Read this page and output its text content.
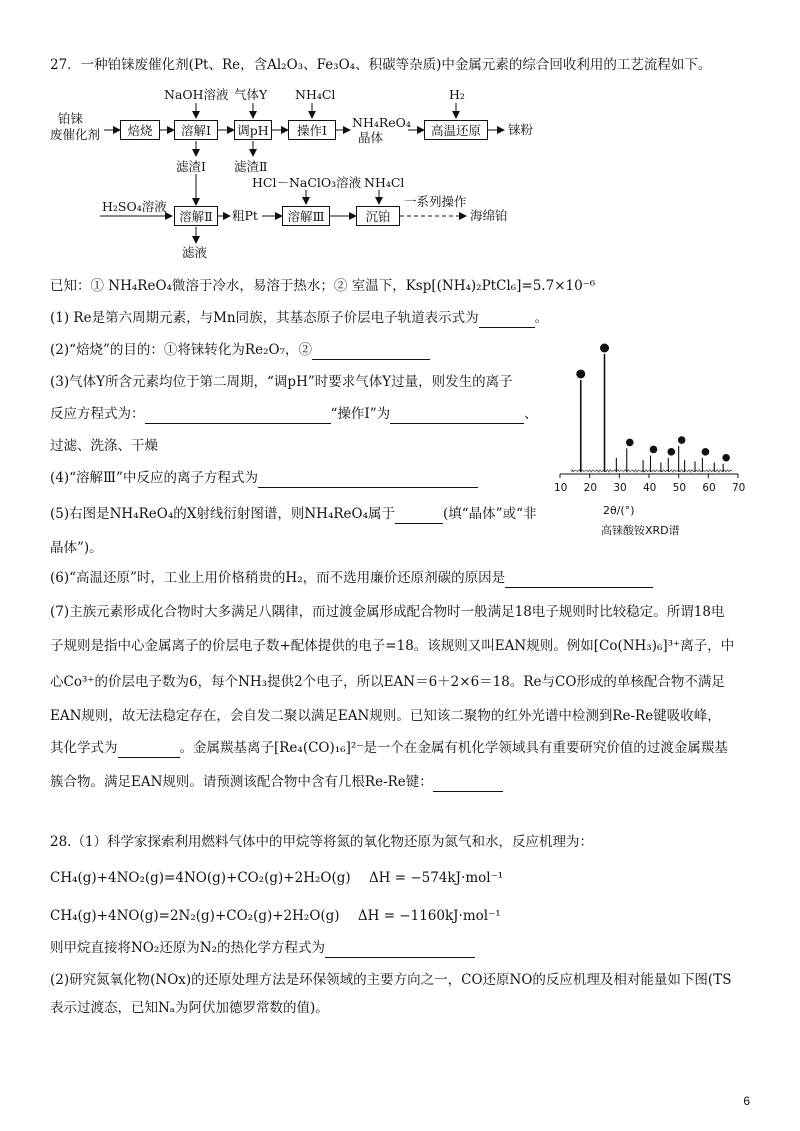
27．一种铂铼废催化剂(Pt、Re，含Al₂O₃、Fe₃O₄、积碳等杂质)中金属元素的综合回收利用的工艺流程如下。
铂铼
废催化剂	焙烧	溶解Ⅰ	调pH	操作Ⅰ	高温还原
NaOH溶液 气体Y NH₄Cl	H₂
NH₄ReO₄
晶体
铼粉
滤渣Ⅰ 滤渣Ⅱ
HCl－NaClO₃溶液 NH₄Cl
H₂SO₄溶液
溶解Ⅱ	粗Pt	溶解Ⅲ	沉铂
一系列操作
海绵铂
滤液
已知：① NH₄ReO₄微溶于冷水，易溶于热水；② 室温下，Ksp[(NH₄)₂PtCl₆]=5.7×10⁻⁶
(1) Re是第六周期元素，与Mn同族，其基态原子价层电子轨道表示式为	。
(2)“焙烧”的目的：①将铼转化为Re₂O₇，②
(3)气体Y所含元素均位于第二周期，“调pH”时要求气体Y过量，则发生的离子
反应方程式为：	“操作Ⅰ”为	、
过滤、洗涤、干燥
(4)“溶解Ⅲ”中反应的离子方程式为
(5)右图是NH₄ReO₄的X射线衍射图谱，则NH₄ReO₄属于	(填“晶体”或“非
晶体”)。
2θ/(°)
高铼酸铵XRD谱
10 20 30 40 50 60 70
(6)“高温还原”时，工业上用价格稍贵的H₂，而不选用廉价还原剂碳的原因是
(7)主族元素形成化合物时大多满足八隅律，而过渡金属形成配合物时一般满足18电子规则时比较稳定。所谓18电
子规则是指中心金属离子的价层电子数+配体提供的电子=18。该规则又叫EAN规则。例如[Co(NH₃)₆]³⁺离子，中
心Co³⁺的价层电子数为6，每个NH₃提供2个电子，所以EAN＝6＋2×6＝18。Re与CO形成的单核配合物不满足
EAN规则，故无法稳定存在，会自发二聚以满足EAN规则。已知该二聚物的红外光谱中检测到Re-Re键吸收峰，
其化学式为	。金属羰基离子[Re₄(CO)₁₆]²⁻是一个在金属有机化学领域具有重要研究价值的过渡金属羰基
簇合物。满足EAN规则。请预测该配合物中含有几根Re-Re键：
28.（1）科学家探索利用燃料气体中的甲烷等将氮的氧化物还原为氮气和水，反应机理为：
CH₄(g)+4NO₂(g)=4NO(g)+CO₂(g)+2H₂O(g) ΔH = −574kJ·mol⁻¹
CH₄(g)+4NO(g)=2N₂(g)+CO₂(g)+2H₂O(g) ΔH = −1160kJ·mol⁻¹
则甲烷直接将NO₂还原为N₂的热化学方程式为
(2)研究氮氧化物(NOx)的还原处理方法是环保领域的主要方向之一，CO还原NO的反应机理及相对能量如下图(TS
表示过渡态，已知Nₐ为阿伏加德罗常数的值)。
6
